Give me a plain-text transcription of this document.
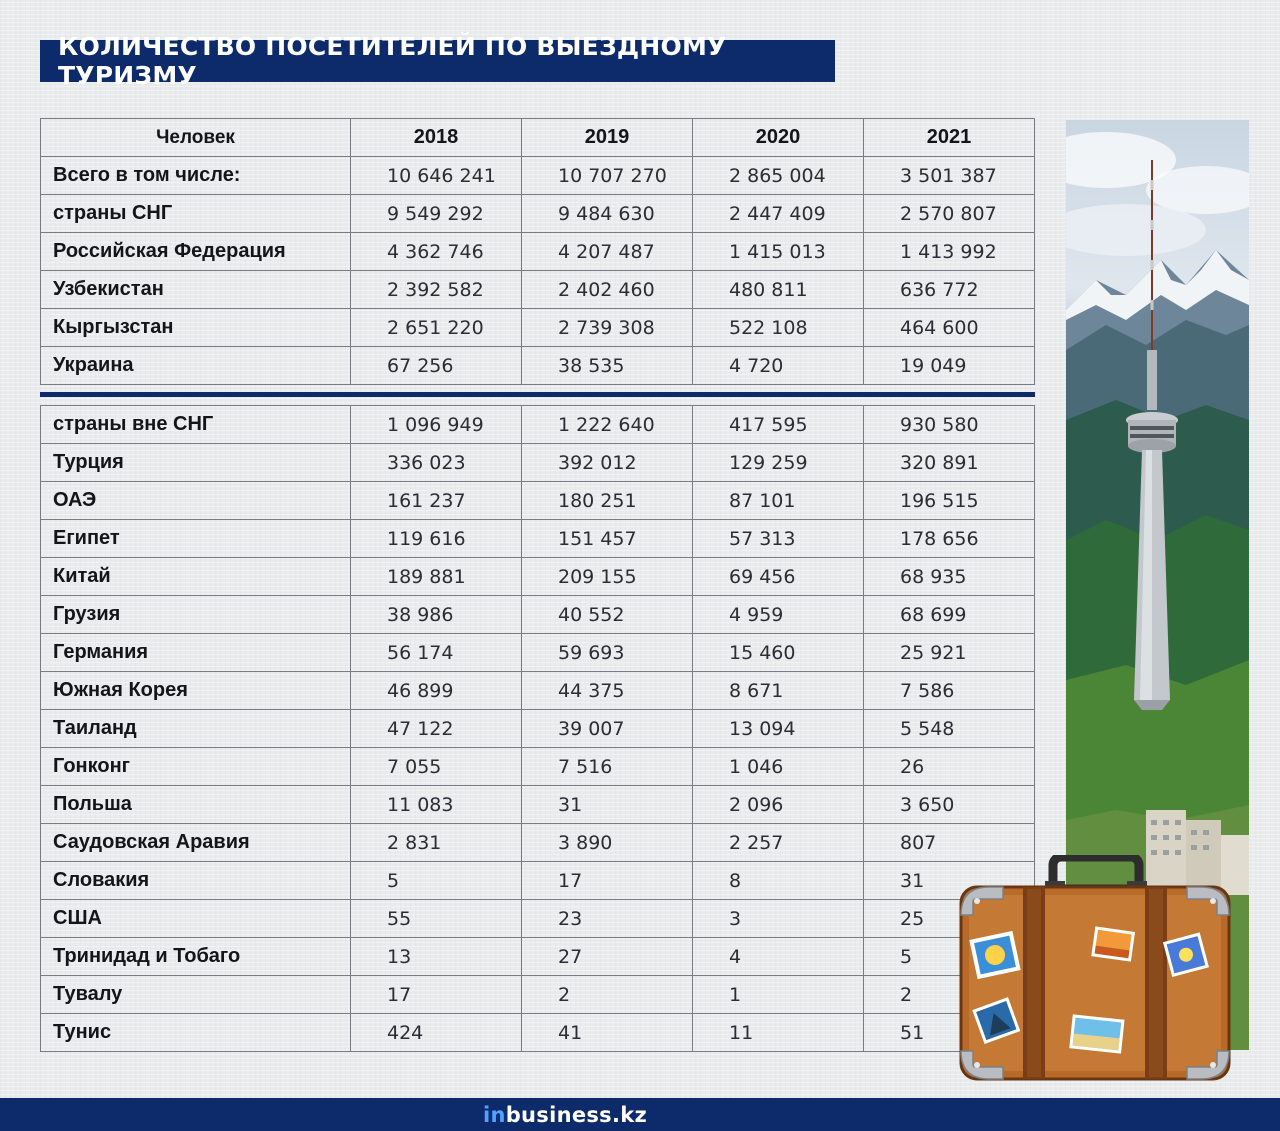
КОЛИЧЕСТВО ПОСЕТИТЕЛЕЙ ПО ВЫЕЗДНОМУ ТУРИЗМУ
Человек	2018	2019	2020	2021
Всего в том числе:	10 646 241	10 707 270	2 865 004	3 501 387
страны СНГ	9 549 292	9 484 630	2 447 409	2 570 807
Российская Федерация	4 362 746	4 207 487	1 415 013	1 413 992
Узбекистан	2 392 582	2 402 460	480 811	636 772
Кыргызстан	2 651 220	2 739 308	522 108	464 600
Украина	67 256	38 535	4 720	19 049
страны вне СНГ	1 096 949	1 222 640	417 595	930 580
Турция	336 023	392 012	129 259	320 891
ОАЭ	161 237	180 251	87 101	196 515
Египет	119 616	151 457	57 313	178 656
Китай	189 881	209 155	69 456	68 935
Грузия	38 986	40 552	4 959	68 699
Германия	56 174	59 693	15 460	25 921
Южная Корея	46 899	44 375	8 671	7 586
Таиланд	47 122	39 007	13 094	5 548
Гонконг	7 055	7 516	1 046	26
Польша	11 083	31	2 096	3 650
Саудовская Аравия	2 831	3 890	2 257	807
Словакия	5	17	8	31
США	55	23	3	25
Тринидад и Тобаго	13	27	4	5
Тувалу	17	2	1	2
Тунис	424	41	11	51
inbusiness.kz
